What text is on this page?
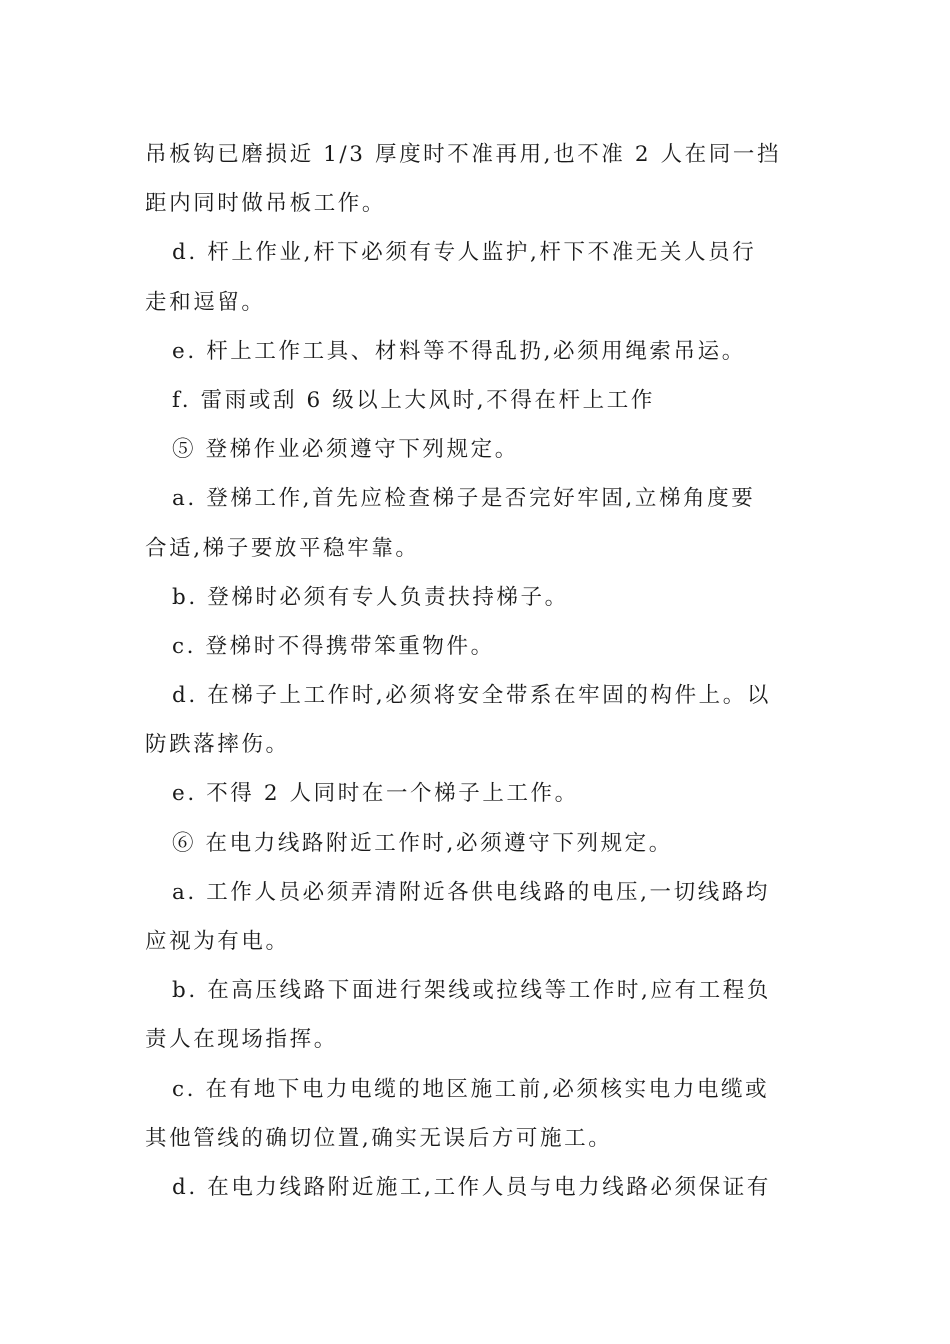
吊板钩已磨损近 1/3 厚度时不准再用,也不准 2 人在同一挡
距内同时做吊板工作。
d. 杆上作业,杆下必须有专人监护,杆下不准无关人员行
走和逗留。
e. 杆上工作工具、材料等不得乱扔,必须用绳索吊运。
f. 雷雨或刮 6 级以上大风时,不得在杆上工作
⑤ 登梯作业必须遵守下列规定。
a. 登梯工作,首先应检查梯子是否完好牢固,立梯角度要
合适,梯子要放平稳牢靠。
b. 登梯时必须有专人负责扶持梯子。
c. 登梯时不得携带笨重物件。
d. 在梯子上工作时,必须将安全带系在牢固的构件上。以
防跌落摔伤。
e. 不得 2 人同时在一个梯子上工作。
⑥ 在电力线路附近工作时,必须遵守下列规定。
a. 工作人员必须弄清附近各供电线路的电压,一切线路均
应视为有电。
b. 在高压线路下面进行架线或拉线等工作时,应有工程负
责人在现场指挥。
c. 在有地下电力电缆的地区施工前,必须核实电力电缆或
其他管线的确切位置,确实无误后方可施工。
d. 在电力线路附近施工,工作人员与电力线路必须保证有
